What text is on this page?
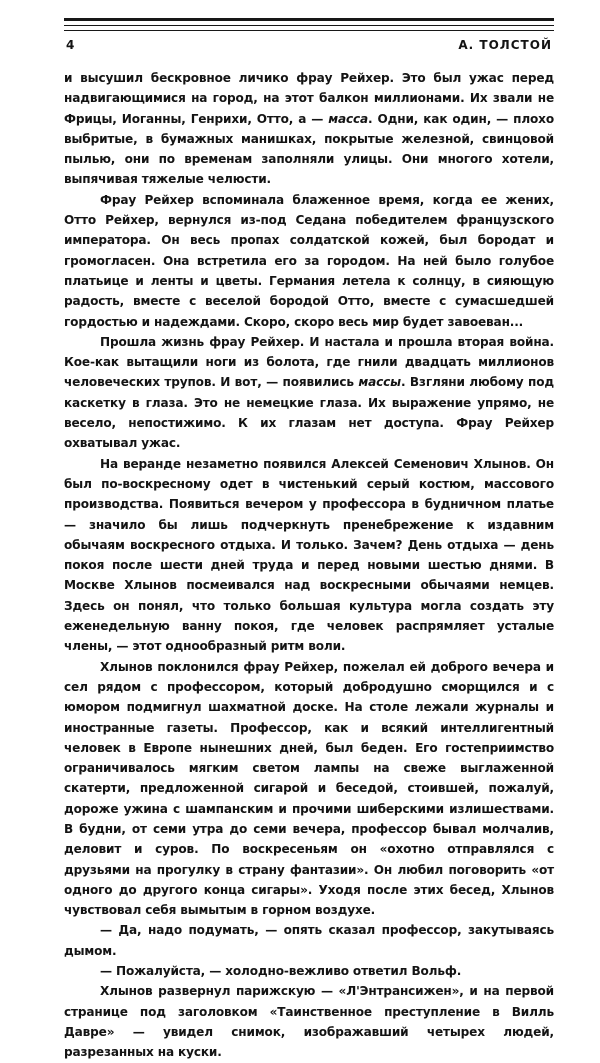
4	А. ТОЛСТОЙ

и высушил бескровное личико фрау Рейхер. Это был ужас перед надвигающимися на город, на этот балкон миллионами. Их звали не Фрицы, Иоганны, Генрихи, Отто, а — масса. Одни, как один, — плохо выбритые, в бумажных манишках, покрытые железной, свинцовой пылью, они по временам заполняли улицы. Они многого хотели, выпячивая тяжелые челюсти.

Фрау Рейхер вспоминала блаженное время, когда ее жених, Отто Рейхер, вернулся из-под Седана победителем французского императора. Он весь пропах солдатской кожей, был бородат и громогласен. Она встретила его за городом. На ней было голубое платьице и ленты и цветы. Германия летела к солнцу, в сияющую радость, вместе с веселой бородой Отто, вместе с сумасшедшей гордостью и надеждами. Скоро, скоро весь мир будет завоеван...

Прошла жизнь фрау Рейхер. И настала и прошла вторая война. Кое-как вытащили ноги из болота, где гнили двадцать миллионов человеческих трупов. И вот, — появились массы. Взгляни любому под каскетку в глаза. Это не немецкие глаза. Их выражение упрямо, не весело, непостижимо. К их глазам нет доступа. Фрау Рейхер охватывал ужас.

На веранде незаметно появился Алексей Семенович Хлынов. Он был по-воскресному одет в чистенький серый костюм, массового производства. Появиться вечером у профессора в будничном платье — значило бы лишь подчеркнуть пренебрежение к издавним обычаям воскресного отдыха. И только. Зачем? День отдыха — день покоя после шести дней труда и перед новыми шестью днями. В Москве Хлынов посмеивался над воскресными обычаями немцев. Здесь он понял, что только большая культура могла создать эту еженедельную ванну покоя, где человек распрямляет усталые члены, — этот однообразный ритм воли.

Хлынов поклонился фрау Рейхер, пожелал ей доброго вечера и сел рядом с профессором, который добродушно сморщился и с юмором подмигнул шахматной доске. На столе лежали журналы и иностранные газеты. Профессор, как и всякий интеллигентный человек в Европе нынешних дней, был беден. Его гостеприимство ограничивалось мягким светом лампы на свеже выглаженной скатерти, предложенной сигарой и беседой, стоившей, пожалуй, дороже ужина с шампанским и прочими шиберскими излишествами. В будни, от семи утра до семи вечера, профессор бывал молчалив, деловит и суров. По воскресеньям он «охотно отправлялся с друзьями на прогулку в страну фантазии». Он любил поговорить «от одного до другого конца сигары». Уходя после этих бесед, Хлынов чувствовал себя вымытым в горном воздухе.

— Да, надо подумать, — опять сказал профессор, закутываясь дымом.

— Пожалуйста, — холодно-вежливо ответил Вольф.

Хлынов развернул парижскую — «Л'Энтрансижен», и на первой странице под заголовком «Таинственное преступление в Вилль Даврe» — увидел снимок, изображавший четырех людей, разрезанных на куски.
